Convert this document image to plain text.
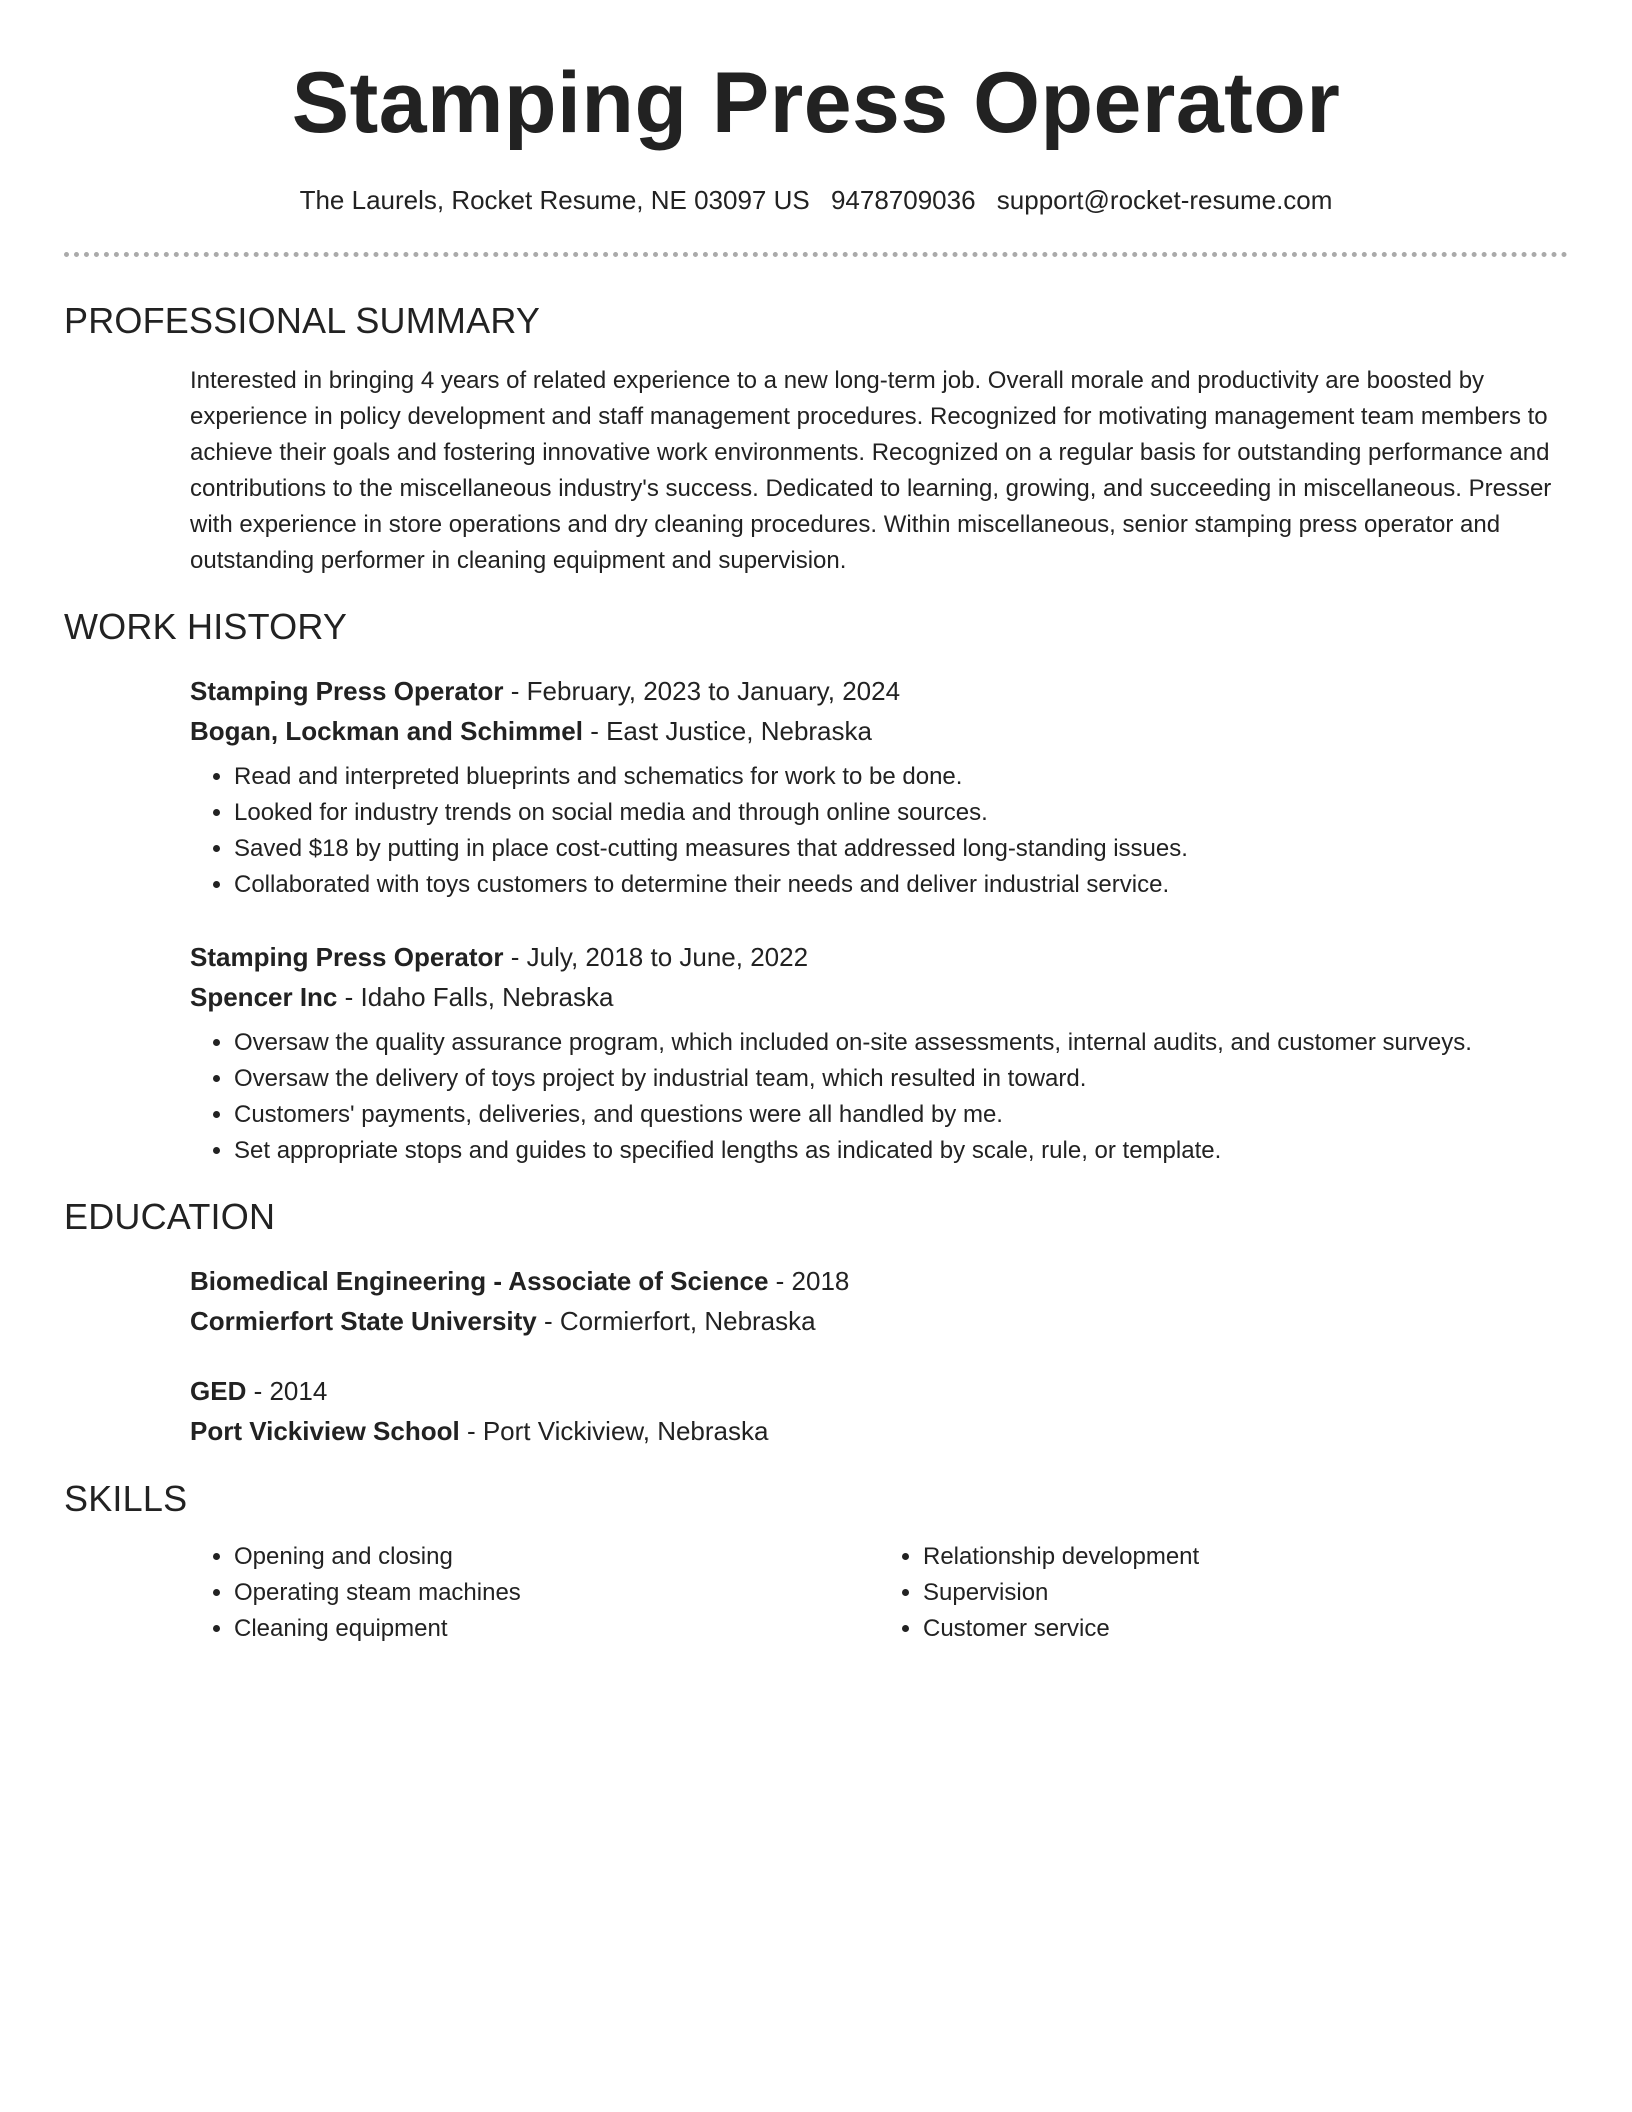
Stamping Press Operator
The Laurels, Rocket Resume, NE 03097 US 9478709036 support@rocket-resume.com
PROFESSIONAL SUMMARY

Interested in bringing 4 years of related experience to a new long-term job. Overall morale and productivity are boosted by experience in policy development and staff management procedures. Recognized for motivating management team members to achieve their goals and fostering innovative work environments. Recognized on a regular basis for outstanding performance and contributions to the miscellaneous industry's success. Dedicated to learning, growing, and succeeding in miscellaneous. Presser with experience in store operations and dry cleaning procedures. Within miscellaneous, senior stamping press operator and outstanding performer in cleaning equipment and supervision.

WORK HISTORY

Stamping Press Operator - February, 2023 to January, 2024

Bogan, Lockman and Schimmel - East Justice, Nebraska

• Read and interpreted blueprints and schematics for work to be done.
• Looked for industry trends on social media and through online sources.
• Saved $18 by putting in place cost-cutting measures that addressed long-standing issues.
• Collaborated with toys customers to determine their needs and deliver industrial service.

Stamping Press Operator - July, 2018 to June, 2022

Spencer Inc - Idaho Falls, Nebraska

• Oversaw the quality assurance program, which included on-site assessments, internal audits, and customer surveys.
• Oversaw the delivery of toys project by industrial team, which resulted in toward.
• Customers' payments, deliveries, and questions were all handled by me.
• Set appropriate stops and guides to specified lengths as indicated by scale, rule, or template.
EDUCATION

Biomedical Engineering - Associate of Science - 2018

Cormierfort State University - Cormierfort, Nebraska

GED - 2014

Port Vickiview School - Port Vickiview, Nebraska

SKILLS
• Opening and closing
• Operating steam machines
• Cleaning equipment
• Relationship development
• Supervision
• Customer service
